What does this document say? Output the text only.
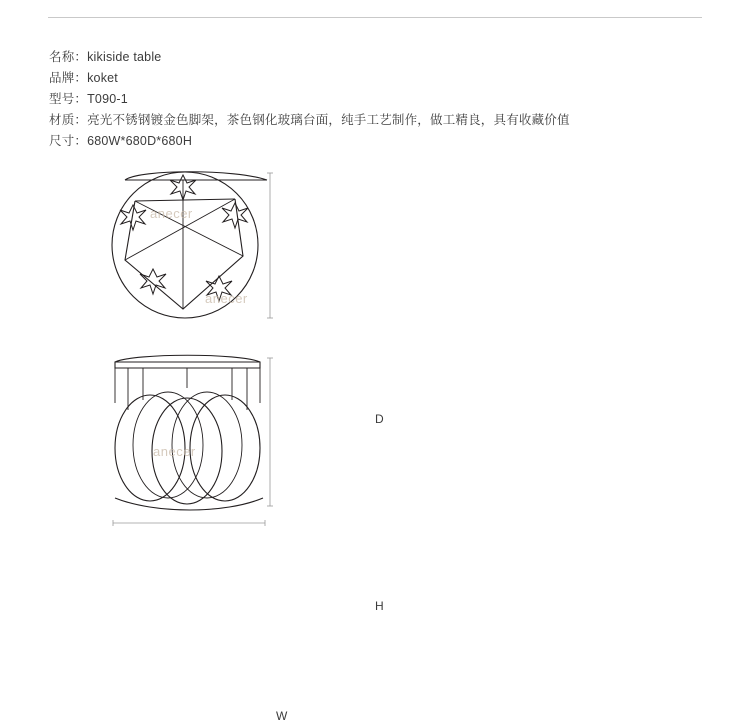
名称：kikiside table
品牌：koket
型号：T090-1
材质：亮光不锈钢镀金色脚架，茶色钢化玻璃台面，纯手工艺制作，做工精良，具有收藏价值
尺寸：680W*680D*680H
anecer
anecer
anecer
D
H
W
